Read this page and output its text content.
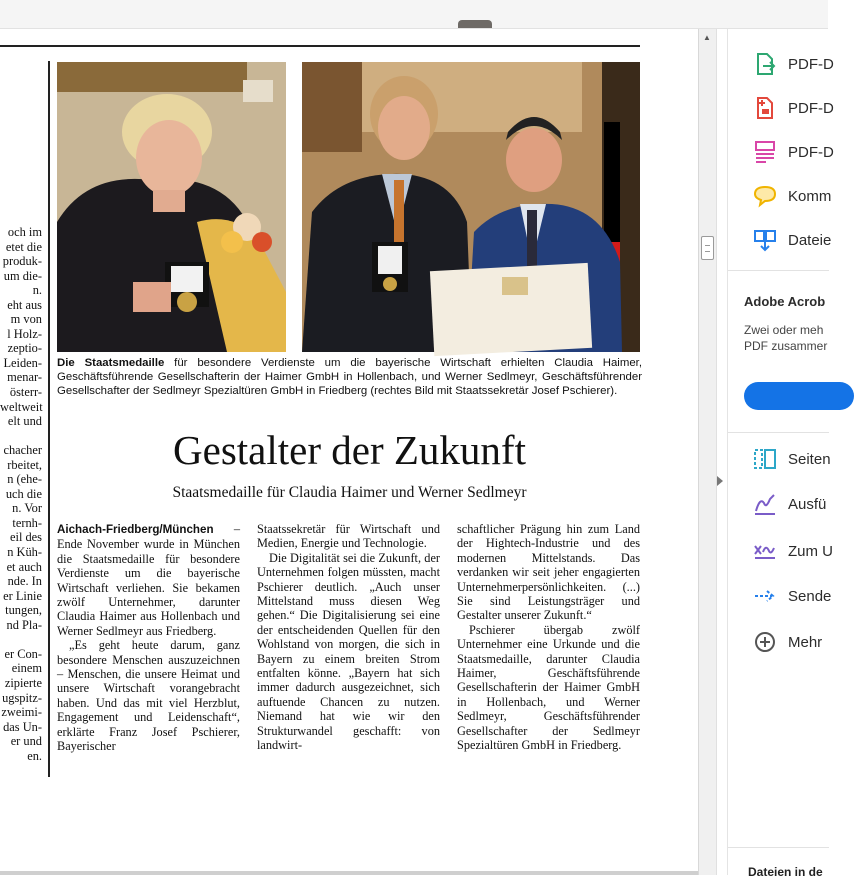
och im
etet die
produk-
um die-
n.
eht aus
m von
l Holz-
zeptio-
Leiden-
menar-
österr-
weltweit
elt und
chacher
rbeitet,
n (ehe-
uch die
n. Vor
ternh-
eil des
n Küh-
et auch
nde. In
er Linie
tungen,
nd Pla-
er Con-
einem
zipierte
ugspitz-
zweimi-
das Un-
er und
en.
Die Staatsmedaille für besondere Verdienste um die bayerische Wirtschaft erhielten Claudia Haimer, Geschäftsführende Gesellschafterin der Haimer GmbH in Hollenbach, und Werner Sedlmeyr, Geschäftsführender Gesellschafter der Sedlmeyr Spezialtüren GmbH in Friedberg (rechtes Bild mit Staatssekretär Josef Pschierer).
Gestalter der Zukunft
Staatsmedaille für Claudia Haimer und Werner Sedlmeyr

Aichach-Friedberg/München – Ende November wurde in München die Staatsmedaille für besondere Verdienste um die bayerische Wirtschaft verliehen. Sie bekamen zwölf Unternehmer, darunter Claudia Haimer aus Hollenbach und Werner Sedlmeyr aus Friedberg.

„Es geht heute darum, ganz besondere Menschen auszuzeichnen – Menschen, die unsere Heimat und unsere Wirtschaft vorangebracht haben. Und das mit viel Herzblut, Engagement und Leidenschaft“, erklärte Franz Josef Pschierer, Bayerischer

Staatssekretär für Wirtschaft und Medien, Energie und Technologie.

Die Digitalität sei die Zukunft, der Unternehmen folgen müssten, macht Pschierer deutlich. „Auch unser Mittelstand muss diesen Weg gehen.“ Die Digitalisierung sei eine der entscheidenden Quellen für den Wohlstand von morgen, die sich in Bayern zu einem breiten Strom entfalten könne. „Bayern hat sich immer dadurch ausgezeichnet, sich auftuende Chancen zu nutzen. Niemand hat wie wir den Strukturwandel geschafft: von landwirt-

schaftlicher Prägung hin zum Land der Hightech-Industrie und des modernen Mittelstands. Das verdanken wir seit jeher engagierten Unternehmerpersönlichkeiten. (...) Sie sind Leistungsträger und Gestalter unserer Zukunft.“

Pschierer übergab zwölf Unternehmer eine Urkunde und die Staatsmedaille, darunter Claudia Haimer, Geschäftsführende Gesellschafterin der Haimer GmbH in Hollenbach, und Werner Sedlmeyr, Geschäftsführender Gesellschafter der Sedlmeyr Spezialtüren GmbH in Friedberg.

▲
PDF-D
PDF-D
PDF-D
Komm
Dateie
Adobe Acrob
Zwei oder meh
PDF zusammer
Seiten
Ausfü
Zum U
Sende
Mehr
Dateien in de
